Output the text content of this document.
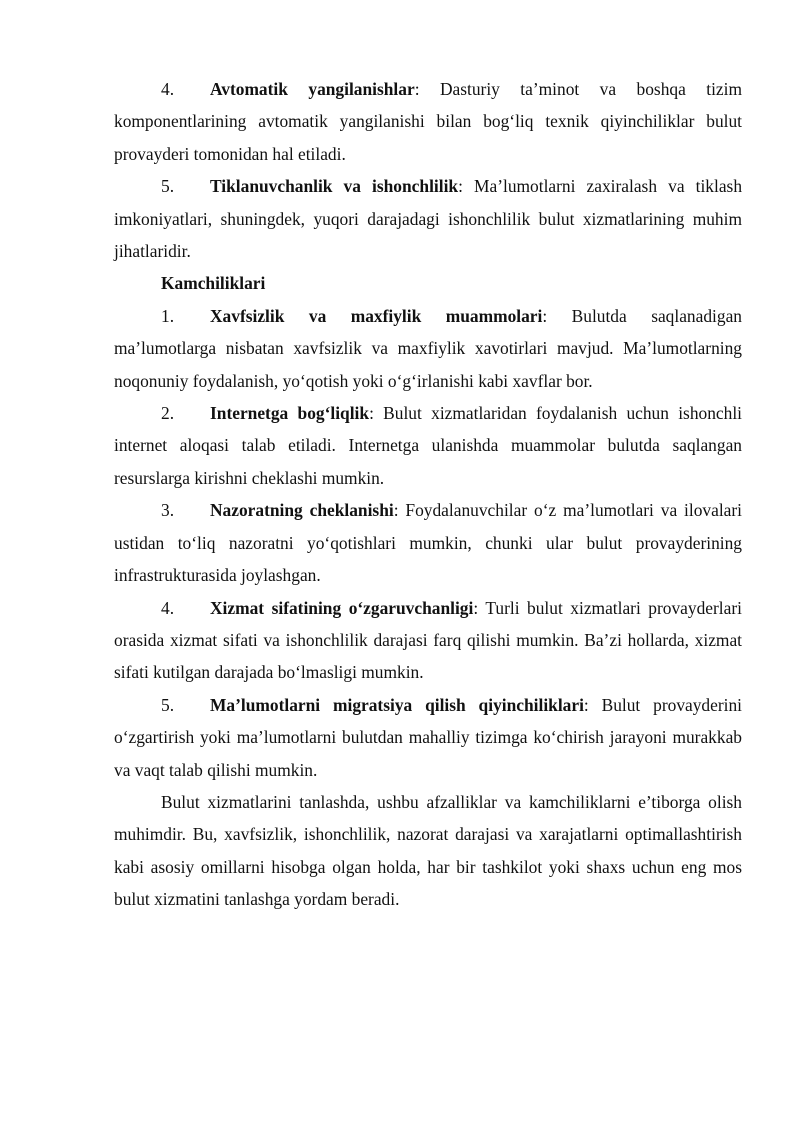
4. Avtomatik yangilanishlar: Dasturiy ta’minot va boshqa tizim komponentlarining avtomatik yangilanishi bilan bog‘liq texnik qiyinchiliklar bulut provayderi tomonidan hal etiladi.

5. Tiklanuvchanlik va ishonchlilik: Ma’lumotlarni zaxiralash va tiklash imkoniyatlari, shuningdek, yuqori darajadagi ishonchlilik bulut xizmatlarining muhim jihatlaridir.

Kamchiliklari

1. Xavfsizlik va maxfiylik muammolari: Bulutda saqlanadigan ma’lumotlarga nisbatan xavfsizlik va maxfiylik xavotirlari mavjud. Ma’lumotlarning noqonuniy foydalanish, yo‘qotish yoki o‘g‘irlanishi kabi xavflar bor.

2. Internetga bog‘liqlik: Bulut xizmatlaridan foydalanish uchun ishonchli internet aloqasi talab etiladi. Internetga ulanishda muammolar bulutda saqlangan resurslarga kirishni cheklashi mumkin.

3. Nazoratning cheklanishi: Foydalanuvchilar o‘z ma’lumotlari va ilovalari ustidan to‘liq nazoratni yo‘qotishlari mumkin, chunki ular bulut provayderining infrastrukturasida joylashgan.

4. Xizmat sifatining o‘zgaruvchanligi: Turli bulut xizmatlari provayderlari orasida xizmat sifati va ishonchlilik darajasi farq qilishi mumkin. Ba’zi hollarda, xizmat sifati kutilgan darajada bo‘lmasligi mumkin.

5. Ma’lumotlarni migratsiya qilish qiyinchiliklari: Bulut provayderini o‘zgartirish yoki ma’lumotlarni bulutdan mahalliy tizimga ko‘chirish jarayoni murakkab va vaqt talab qilishi mumkin.

Bulut xizmatlarini tanlashda, ushbu afzalliklar va kamchiliklarni e’tiborga olish muhimdir. Bu, xavfsizlik, ishonchlilik, nazorat darajasi va xarajatlarni optimallashtirish kabi asosiy omillarni hisobga olgan holda, har bir tashkilot yoki shaxs uchun eng mos bulut xizmatini tanlashga yordam beradi.
